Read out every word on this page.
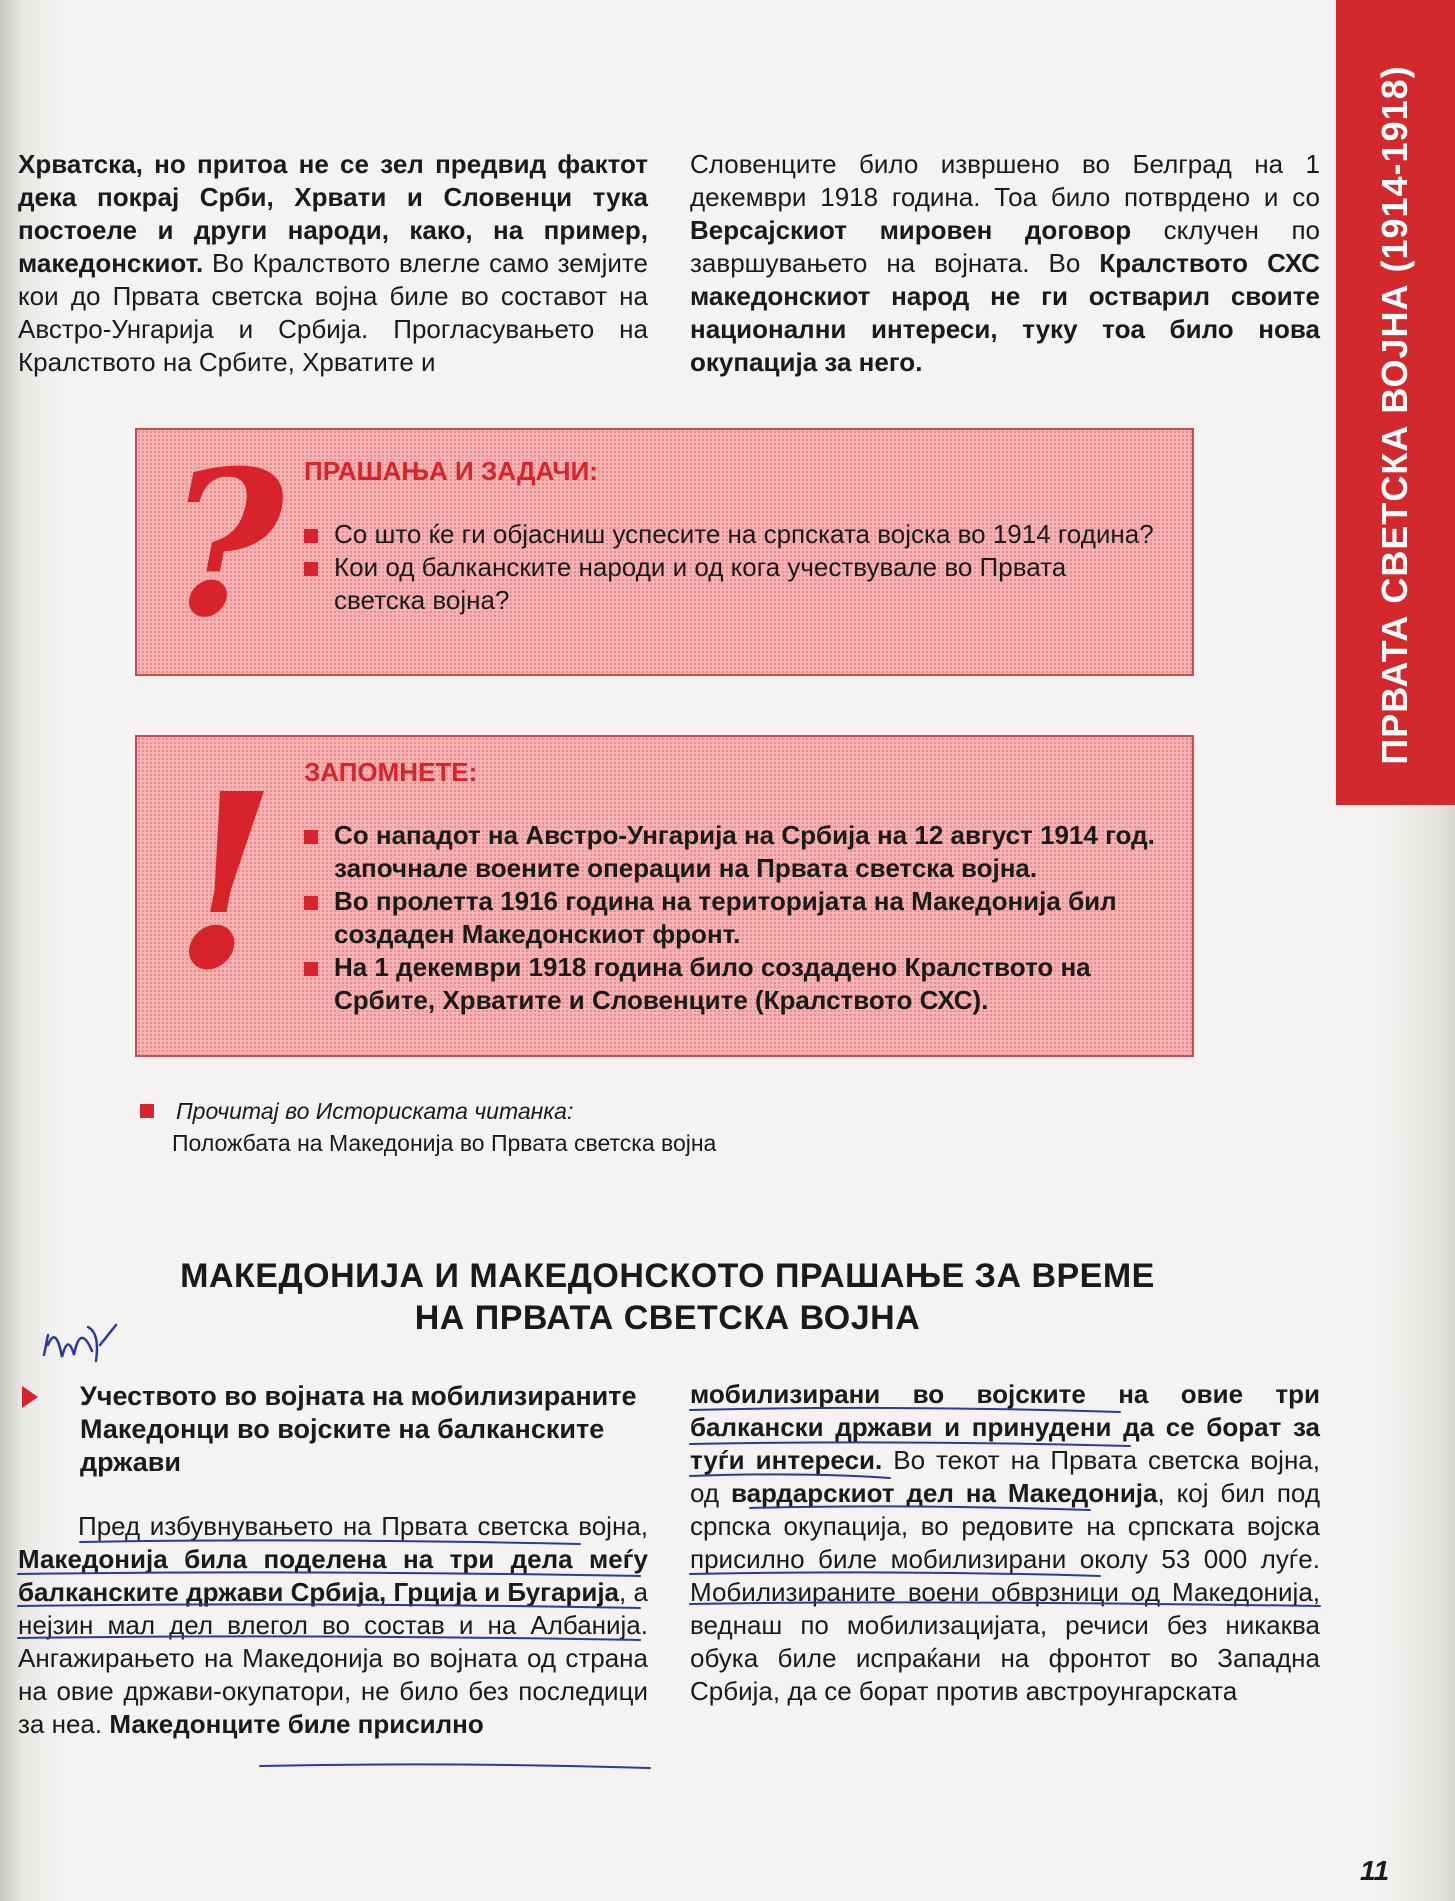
ПРВАТА СВЕТСКА ВОЈНА (1914-1918)
Хрватска, но притоа не се зел предвид фактот дека покрај Срби, Хрвати и Словенци тука постоеле и други народи, како, на пример, македонскиот. Во Кралството влегле само земјите кои до Првата светска војна биле во составот на Австро-Унгарија и Србија. Прогласувањето на Кралството на Србите, Хрватите и
Словенците било извршено во Белград на 1 декември 1918 година. Тоа било потврдено и со Версајскиот мировен договор склучен по завршувањето на војната. Во Кралството СХС македонскиот народ не ги остварил своите национални интереси, туку тоа било нова окупација за него.
? ПРАШАЊА И ЗАДАЧИ:
Со што ќе ги објасниш успесите на српската војска во 1914 година?
Кои од балканските народи и од кога учествувале во Првата светска војна?
! ЗАПОМНЕТЕ:
Со нападот на Австро-Унгарија на Србија на 12 август 1914 год. започнале воените операции на Првата светска војна.
Во пролетта 1916 година на територијата на Македонија бил создаден Македонскиот фронт.
На 1 декември 1918 година било создадено Кралството на Србите, Хрватите и Словенците (Кралството СХС).
Прочитај во Историската читанка:
Положбата на Македонија во Првата светска војна
МАКЕДОНИЈА И МАКЕДОНСКОТО ПРАШАЊЕ ЗА ВРЕМЕ
НА ПРВАТА СВЕТСКА ВОЈНА
Учеството во војната на мобилизираните Македонци во војските на балканските држави
Пред избувнувањето на Првата светска војна, Македонија била поделена на три дела меѓу балканските држави Србија, Грција и Бугарија, а нејзин мал дел влегол во состав и на Албанија. Ангажирањето на Македонија во војната од страна на овие држави-окупатори, не било без последици за неа. Македонците биле присилно
мобилизирани во војските на овие три балкански држави и принудени да се борат за туѓи интереси. Во текот на Првата светска војна, од вардарскиот дел на Македонија, кој бил под српска окупација, во редовите на српската војска присилно биле мобилизирани околу 53 000 луѓе. Мобилизираните воени обврзници од Македонија, веднаш по мобилизацијата, речиси без никаква обука биле испраќани на фронтот во Западна Србија, да се борат против австроунгарската
11
